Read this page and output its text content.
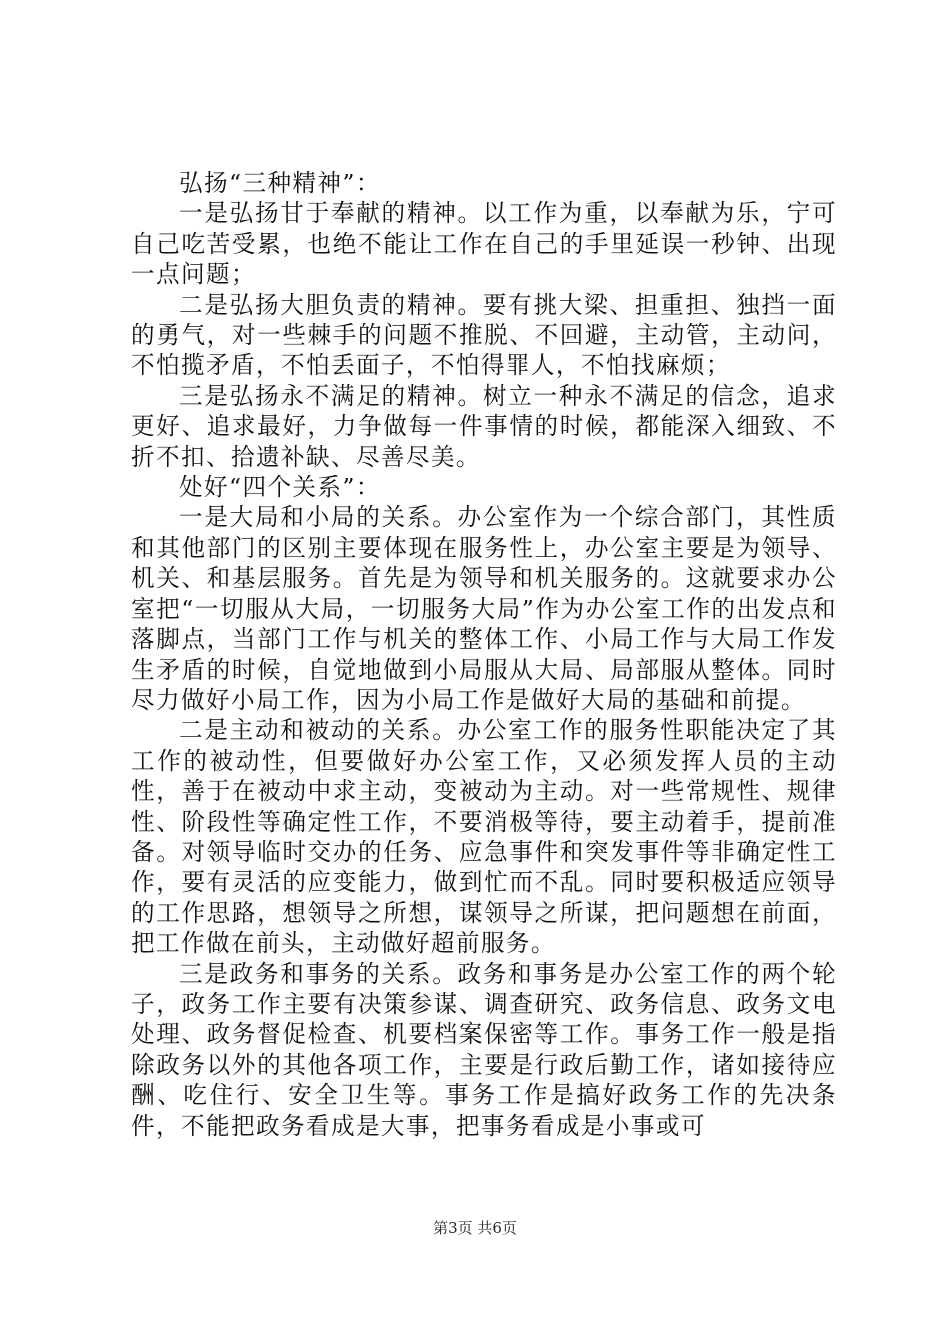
弘扬“三种精神”：

一是弘扬甘于奉献的精神。以工作为重，以奉献为乐，宁可自己吃苦受累，也绝不能让工作在自己的手里延误一秒钟、出现一点问题；

二是弘扬大胆负责的精神。要有挑大梁、担重担、独挡一面的勇气，对一些棘手的问题不推脱、不回避，主动管，主动问，不怕揽矛盾，不怕丢面子，不怕得罪人，不怕找麻烦；

三是弘扬永不满足的精神。树立一种永不满足的信念，追求更好、追求最好，力争做每一件事情的时候，都能深入细致、不折不扣、拾遗补缺、尽善尽美。

处好“四个关系”：

一是大局和小局的关系。办公室作为一个综合部门，其性质和其他部门的区别主要体现在服务性上，办公室主要是为领导、机关、和基层服务。首先是为领导和机关服务的。这就要求办公室把“一切服从大局，一切服务大局”作为办公室工作的出发点和落脚点，当部门工作与机关的整体工作、小局工作与大局工作发生矛盾的时候，自觉地做到小局服从大局、局部服从整体。同时尽力做好小局工作，因为小局工作是做好大局的基础和前提。

二是主动和被动的关系。办公室工作的服务性职能决定了其工作的被动性，但要做好办公室工作，又必须发挥人员的主动性，善于在被动中求主动，变被动为主动。对一些常规性、规律性、阶段性等确定性工作，不要消极等待，要主动着手，提前准备。对领导临时交办的任务、应急事件和突发事件等非确定性工作，要有灵活的应变能力，做到忙而不乱。同时要积极适应领导的工作思路，想领导之所想，谋领导之所谋，把问题想在前面，把工作做在前头，主动做好超前服务。

三是政务和事务的关系。政务和事务是办公室工作的两个轮子，政务工作主要有决策参谋、调查研究、政务信息、政务文电处理、政务督促检查、机要档案保密等工作。事务工作一般是指除政务以外的其他各项工作，主要是行政后勤工作，诸如接待应酬、吃住行、安全卫生等。事务工作是搞好政务工作的先决条件，不能把政务看成是大事，把事务看成是小事或可

第3页 共6页
